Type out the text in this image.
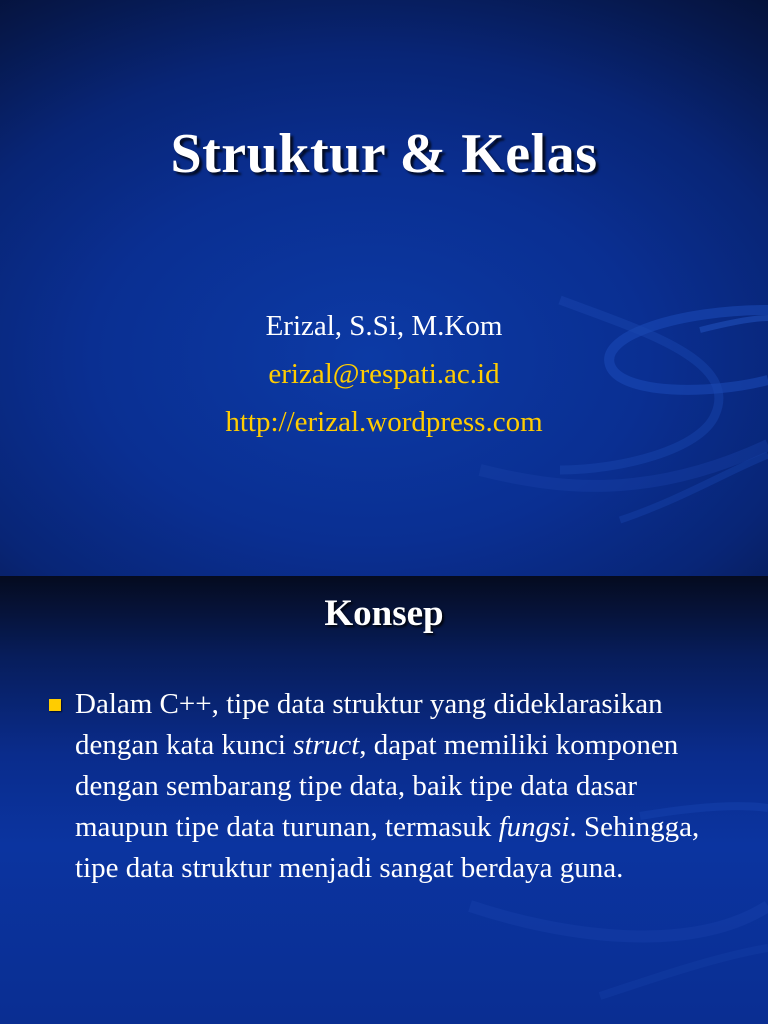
Struktur & Kelas
Erizal, S.Si, M.Kom
erizal@respati.ac.id
http://erizal.wordpress.com
Konsep
Dalam C++, tipe data struktur yang dideklarasikan dengan kata kunci struct, dapat memiliki komponen dengan sembarang tipe data, baik tipe data dasar maupun tipe data turunan, termasuk fungsi. Sehingga, tipe data struktur menjadi sangat berdaya guna.
